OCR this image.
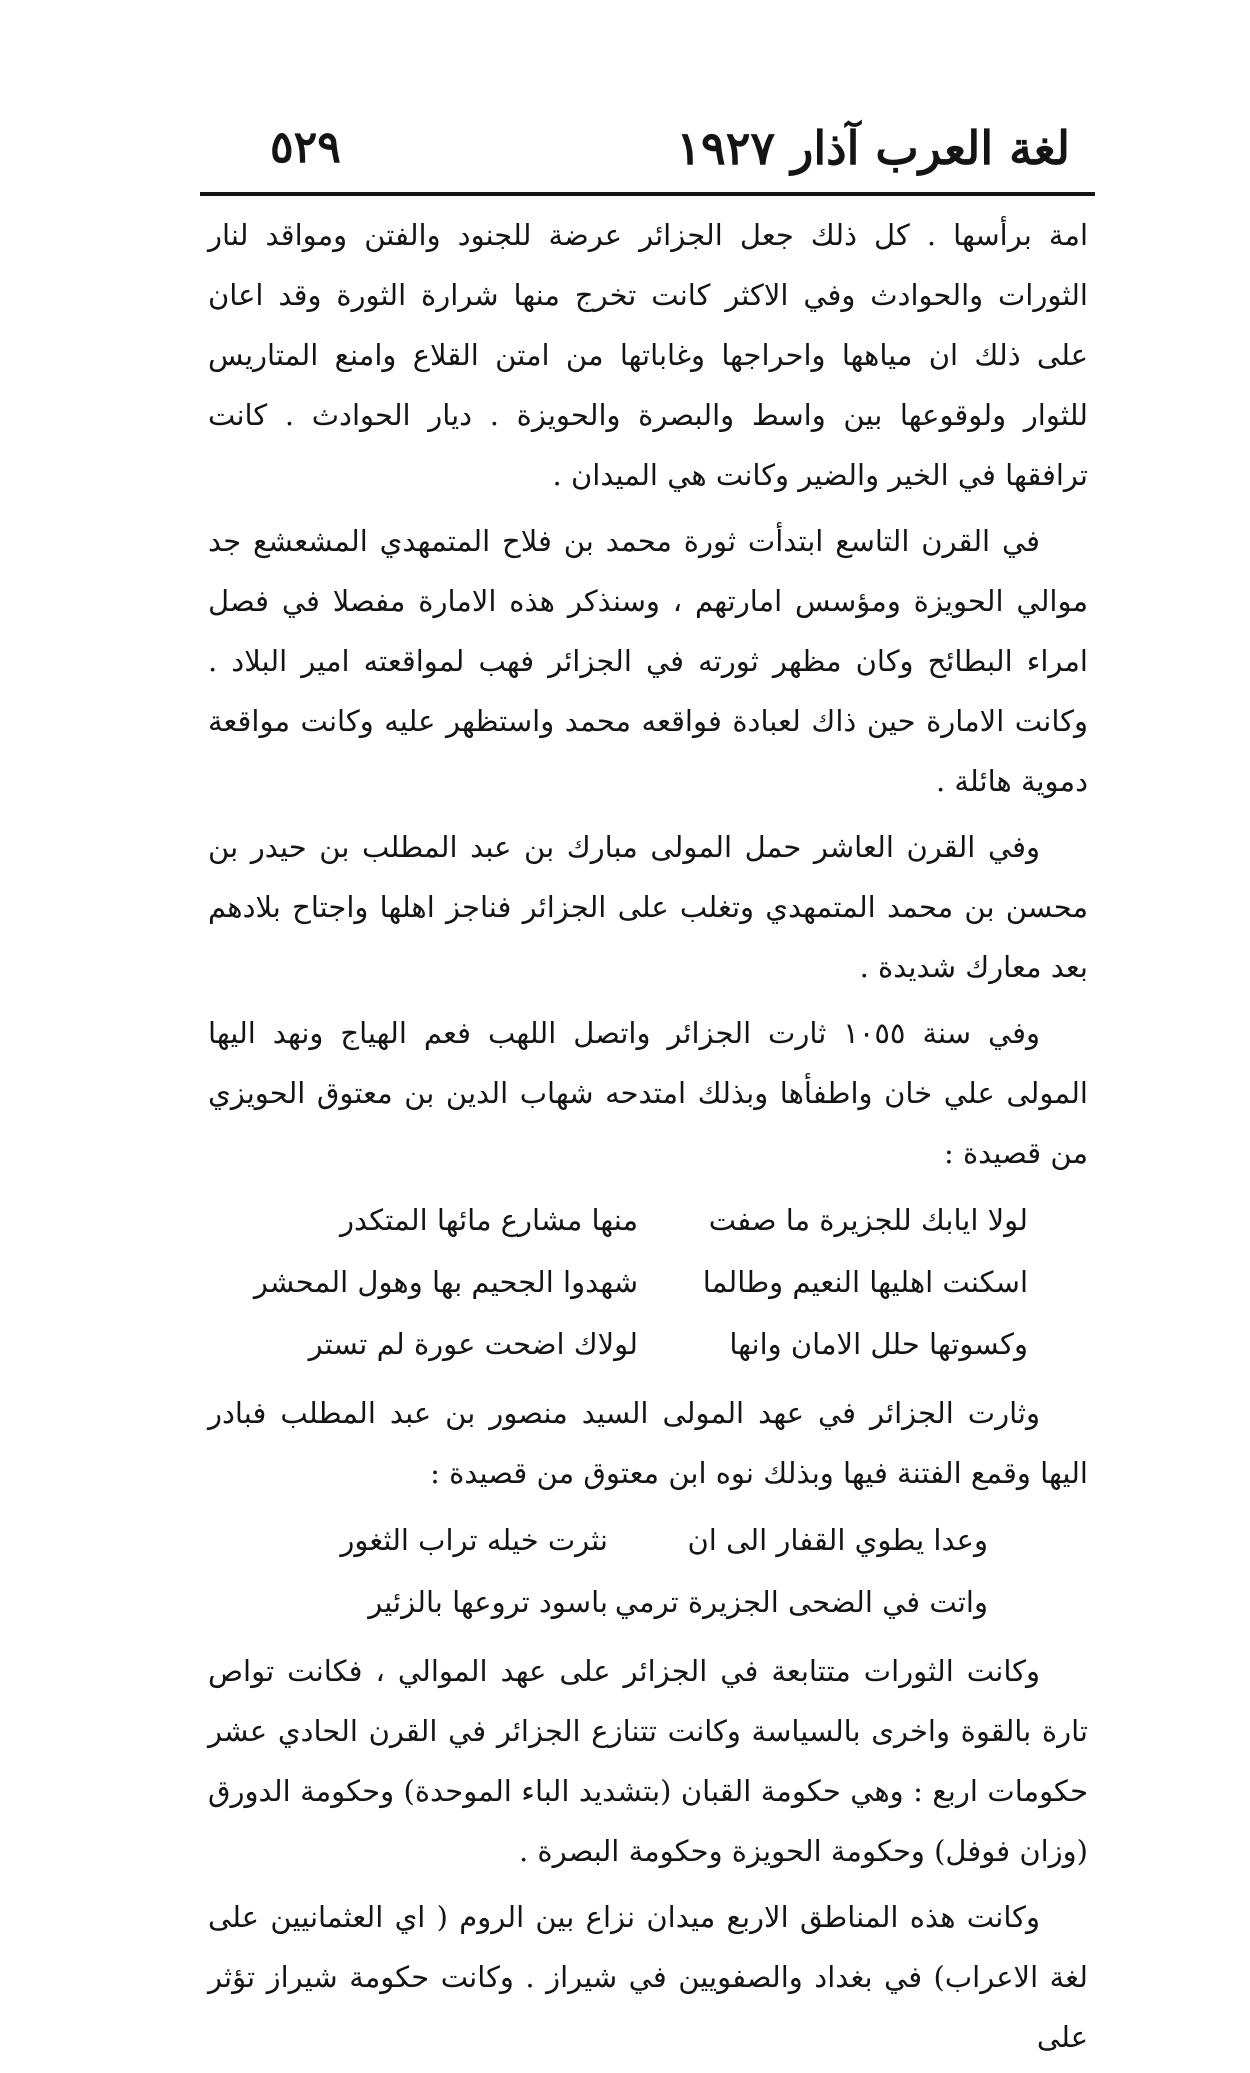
لغة العرب آذار ١٩٢٧
٥٢٩

امة برأسها . كل ذلك جعل الجزائر عرضة للجنود والفتن ومواقد لنار الثورات والحوادث وفي الاكثر كانت تخرج منها شرارة الثورة وقد اعان على ذلك ان مياهها واحراجها وغاباتها من امتن القلاع وامنع المتاريس للثوار ولوقوعها بين واسط والبصرة والحويزة . ديار الحوادث . كانت ترافقها في الخير والضير وكانت هي الميدان .

في القرن التاسع ابتدأت ثورة محمد بن فلاح المتمهدي المشعشع جد موالي الحويزة ومؤسس امارتهم ، وسنذكر هذه الامارة مفصلا في فصل امراء البطائح وكان مظهر ثورته في الجزائر فهب لمواقعته امير البلاد . وكانت الامارة حين ذاك لعبادة فواقعه محمد واستظهر عليه وكانت مواقعة دموية هائلة .

وفي القرن العاشر حمل المولى مبارك بن عبد المطلب بن حيدر بن محسن بن محمد المتمهدي وتغلب على الجزائر فناجز اهلها واجتاح بلادهم بعد معارك شديدة .

وفي سنة ١٠٥٥ ثارت الجزائر واتصل اللهب فعم الهياج ونهد اليها المولى علي خان واطفأها وبذلك امتدحه شهاب الدين بن معتوق الحويزي من قصيدة :

لولا ايابك للجزيرة ما صفت
منها مشارع مائها المتكدر
اسكنت اهليها النعيم وطالما
شهدوا الجحيم بها وهول المحشر
وكسوتها حلل الامان وانها
لولاك اضحت عورة لم تستر

وثارت الجزائر في عهد المولى السيد منصور بن عبد المطلب فبادر اليها وقمع الفتنة فيها وبذلك نوه ابن معتوق من قصيدة :

وعدا يطوي القفار الى ان
نثرت خيله تراب الثغور
واتت في الضحى الجزيرة ترمي
باسود تروعها بالزئير

وكانت الثورات متتابعة في الجزائر على عهد الموالي ، فكانت تواص تارة بالقوة واخرى بالسياسة وكانت تتنازع الجزائر في القرن الحادي عشر حكومات اربع : وهي حكومة القبان (بتشديد الباء الموحدة) وحكومة الدورق (وزان فوفل) وحكومة الحويزة وحكومة البصرة .

وكانت هذه المناطق الاربع ميدان نزاع بين الروم ( اي العثمانيين على لغة الاعراب) في بغداد والصفويين في شيراز . وكانت حكومة شيراز تؤثر على
